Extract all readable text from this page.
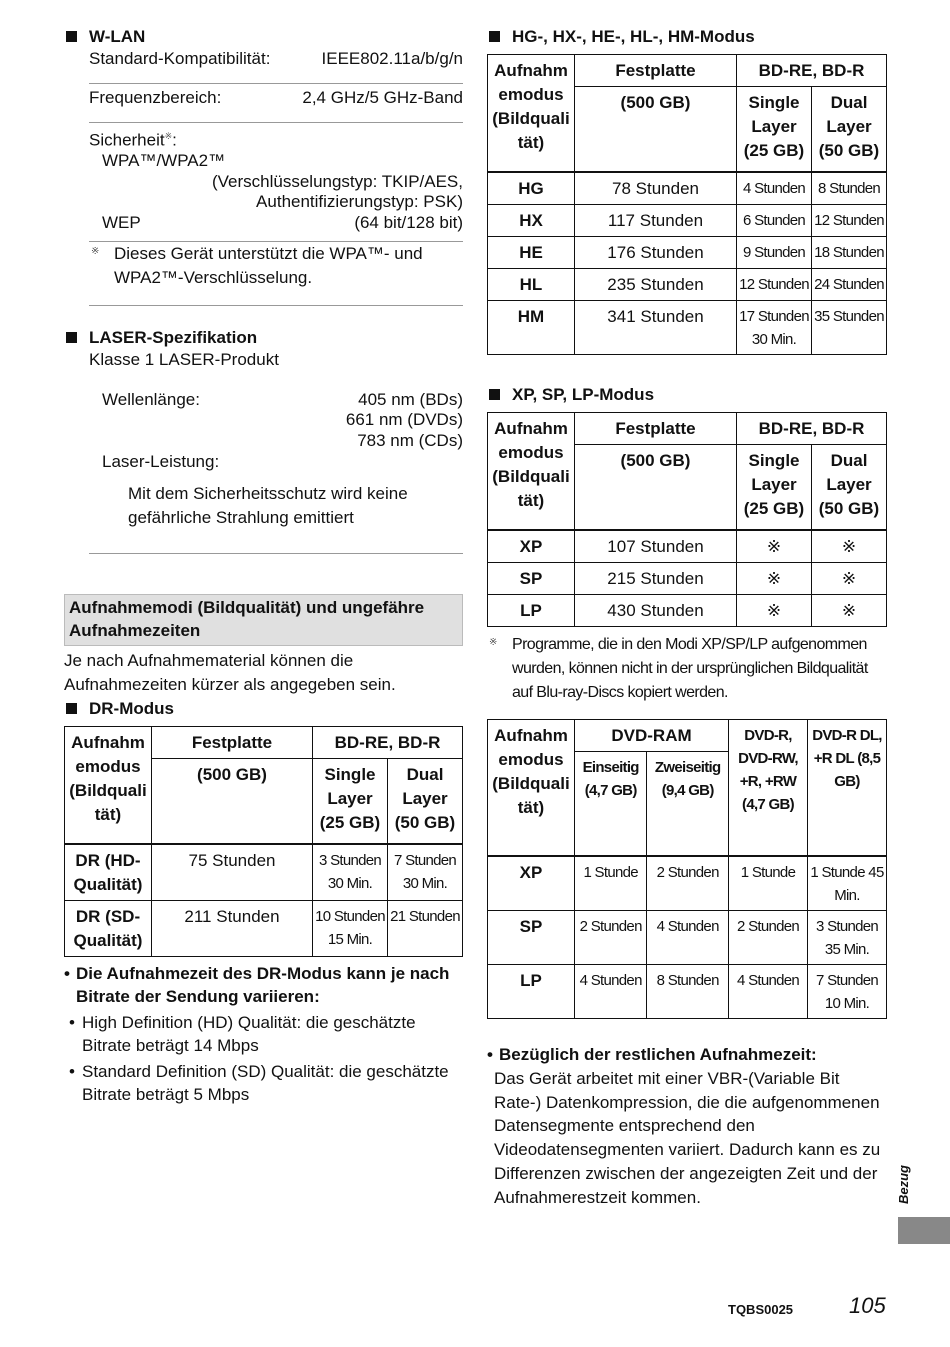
W-LAN
Standard-Kompatibilität:	IEEE802.11a/b/g/n
Frequenzbereich:	2,4 GHz/5 GHz-Band
Sicherheit※:
WPA™/WPA2™
(Verschlüsselungstyp: TKIP/AES,
Authentifizierungstyp: PSK)
WEP	(64 bit/128 bit)
※ Dieses Gerät unterstützt die WPA™- und WPA2™-Verschlüsselung.
LASER-Spezifikation
Klasse 1 LASER-Produkt
Wellenlänge:	405 nm (BDs)
661 nm (DVDs)
783 nm (CDs)
Laser-Leistung:
Mit dem Sicherheitsschutz wird keine gefährliche Strahlung emittiert
Aufnahmemodi (Bildqualität) und ungefähre Aufnahmezeiten
Je nach Aufnahmematerial können die Aufnahmezeiten kürzer als angegeben sein.
DR-Modus
Aufnahm emodus (Bildquali tät)	Festplatte	BD-RE, BD-R	
	(500 GB)	Single Layer (25 GB)	Dual Layer (50 GB)
DR (HD-Qualität)	75 Stunden	3 Stunden 30 Min.	7 Stunden 30 Min.
DR (SD-Qualität)	211 Stunden	10 Stunden 15 Min.	21 Stunden
• Die Aufnahmezeit des DR-Modus kann je nach Bitrate der Sendung variieren:
• High Definition (HD) Qualität: die geschätzte Bitrate beträgt 14 Mbps
• Standard Definition (SD) Qualität: die geschätzte Bitrate beträgt 5 Mbps
HG-, HX-, HE-, HL-, HM-Modus
Aufnahm emodus (Bildquali tät)	Festplatte	BD-RE, BD-R	
	(500 GB)	Single Layer (25 GB)	Dual Layer (50 GB)
HG	78 Stunden	4 Stunden	8 Stunden
HX	117 Stunden	6 Stunden	12 Stunden
HE	176 Stunden	9 Stunden	18 Stunden
HL	235 Stunden	12 Stunden	24 Stunden
HM	341 Stunden	17 Stunden 30 Min.	35 Stunden
XP, SP, LP-Modus
Aufnahm emodus (Bildquali tät)	Festplatte	BD-RE, BD-R	
	(500 GB)	Single Layer (25 GB)	Dual Layer (50 GB)
XP	107 Stunden	※	※
SP	215 Stunden	※	※
LP	430 Stunden	※	※
※ Programme, die in den Modi XP/SP/LP aufgenommen wurden, können nicht in der ursprünglichen Bildqualität auf Blu-ray-Discs kopiert werden.
Aufnahm emodus (Bildquali tät)	DVD-RAM		DVD-R, DVD-RW, +R, +RW (4,7 GB)	DVD-R DL, +R DL (8,5 GB)
	Einseitig (4,7 GB)	Zweiseitig (9,4 GB)		
XP	1 Stunde	2 Stunden	1 Stunde	1 Stunde 45 Min.
SP	2 Stunden	4 Stunden	2 Stunden	3 Stunden 35 Min.
LP	4 Stunden	8 Stunden	4 Stunden	7 Stunden 10 Min.
• Bezüglich der restlichen Aufnahmezeit:
Das Gerät arbeitet mit einer VBR-(Variable Bit Rate-) Datenkompression, die die aufgenommenen Datensegmente entsprechend den Videodatensegmenten variiert. Dadurch kann es zu Differenzen zwischen der angezeigten Zeit und der Aufnahmerestzeit kommen.	Bezug
TQBS0025	105
